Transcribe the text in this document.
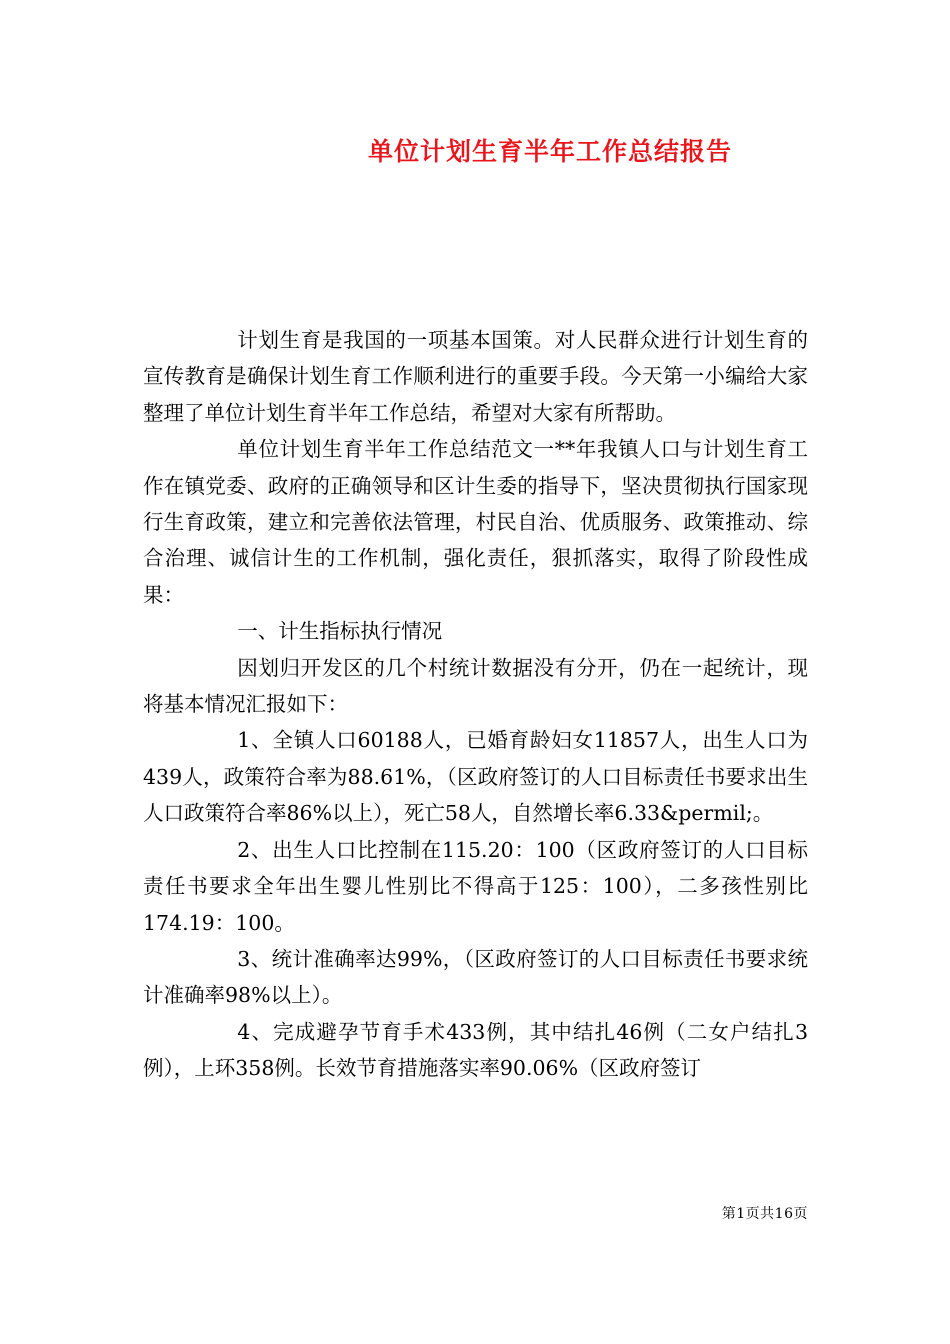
单位计划生育半年工作总结报告

计划生育是我国的一项基本国策。对人民群众进行计划生育的宣传教育是确保计划生育工作顺利进行的重要手段。今天第一小编给大家整理了单位计划生育半年工作总结，希望对大家有所帮助。

单位计划生育半年工作总结范文一**年我镇人口与计划生育工作在镇党委、政府的正确领导和区计生委的指导下，坚决贯彻执行国家现行生育政策，建立和完善依法管理，村民自治、优质服务、政策推动、综合治理、诚信计生的工作机制，强化责任，狠抓落实，取得了阶段性成果：

一、计生指标执行情况

因划归开发区的几个村统计数据没有分开，仍在一起统计，现将基本情况汇报如下：

1、全镇人口60188人，已婚育龄妇女11857人，出生人口为439人，政策符合率为88.61%，（区政府签订的人口目标责任书要求出生人口政策符合率86%以上），死亡58人，自然增长率6.33&permil;。

2、出生人口比控制在115.20：100（区政府签订的人口目标责任书要求全年出生婴儿性别比不得高于125：100），二多孩性别比174.19：100。

3、统计准确率达99%，（区政府签订的人口目标责任书要求统计准确率98%以上）。

4、完成避孕节育手术433例，其中结扎46例（二女户结扎3例），上环358例。长效节育措施落实率90.06%（区政府签订

第1页共16页
